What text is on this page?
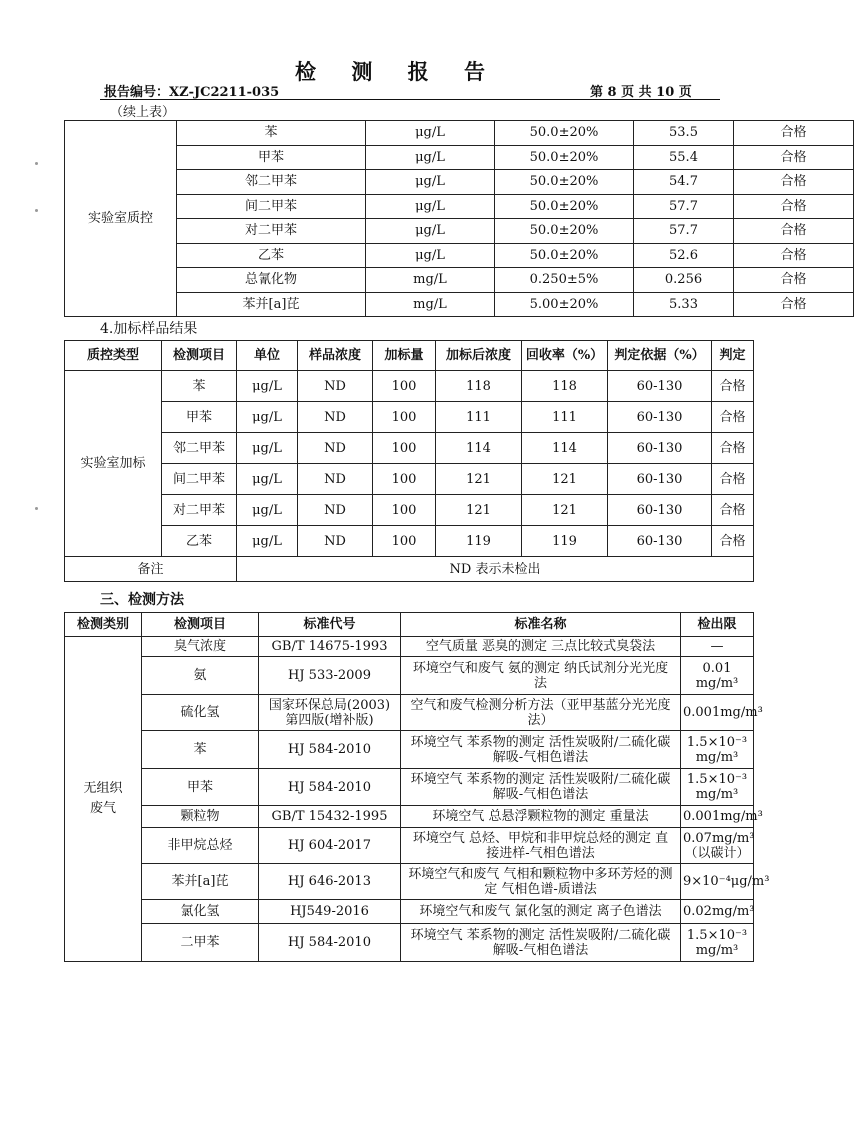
检 测 报 告
报告编号：XZ-JC2211-035	第 8 页 共 10 页
（续上表）
实验室质控	苯	μg/L	50.0±20%	53.5	合格
	甲苯	μg/L	50.0±20%	55.4	合格
	邻二甲苯	μg/L	50.0±20%	54.7	合格
	间二甲苯	μg/L	50.0±20%	57.7	合格
	对二甲苯	μg/L	50.0±20%	57.7	合格
	乙苯	μg/L	50.0±20%	52.6	合格
	总氰化物	mg/L	0.250±5%	0.256	合格
	苯并[a]芘	mg/L	5.00±20%	5.33	合格
4.加标样品结果
质控类型	检测项目	单位	样品浓度	加标量	加标后浓度	回收率（%）	判定依据（%）	判定
实验室加标	苯	μg/L	ND	100	118	118	60-130	合格
	甲苯	μg/L	ND	100	111	111	60-130	合格
	邻二甲苯	μg/L	ND	100	114	114	60-130	合格
	间二甲苯	μg/L	ND	100	121	121	60-130	合格
	对二甲苯	μg/L	ND	100	121	121	60-130	合格
	乙苯	μg/L	ND	100	119	119	60-130	合格
备注		ND 表示未检出						
三、检测方法
检测类别	检测项目	标准代号	标准名称	检出限
无组织
废气	臭气浓度	GB/T 14675-1993	空气质量 恶臭的测定 三点比较式臭袋法	—
	氨	HJ 533-2009	环境空气和废气 氨的测定 纳氏试剂分光光度法	0.01 mg/m³
	硫化氢	国家环保总局(2003)第四版(增补版)	空气和废气检测分析方法（亚甲基蓝分光光度法）	0.001mg/m³
	苯	HJ 584-2010	环境空气 苯系物的测定 活性炭吸附/二硫化碳解吸-气相色谱法	1.5×10⁻³ mg/m³
	甲苯	HJ 584-2010	环境空气 苯系物的测定 活性炭吸附/二硫化碳解吸-气相色谱法	1.5×10⁻³ mg/m³
	颗粒物	GB/T 15432-1995	环境空气 总悬浮颗粒物的测定 重量法	0.001mg/m³
	非甲烷总烃	HJ 604-2017	环境空气 总烃、甲烷和非甲烷总烃的测定 直接进样-气相色谱法	0.07mg/m³（以碳计）
	苯并[a]芘	HJ 646-2013	环境空气和废气 气相和颗粒物中多环芳烃的测定 气相色谱-质谱法	9×10⁻⁴μg/m³
	氯化氢	HJ549-2016	环境空气和废气 氯化氢的测定 离子色谱法	0.02mg/m³
	二甲苯	HJ 584-2010	环境空气 苯系物的测定 活性炭吸附/二硫化碳解吸-气相色谱法	1.5×10⁻³ mg/m³
